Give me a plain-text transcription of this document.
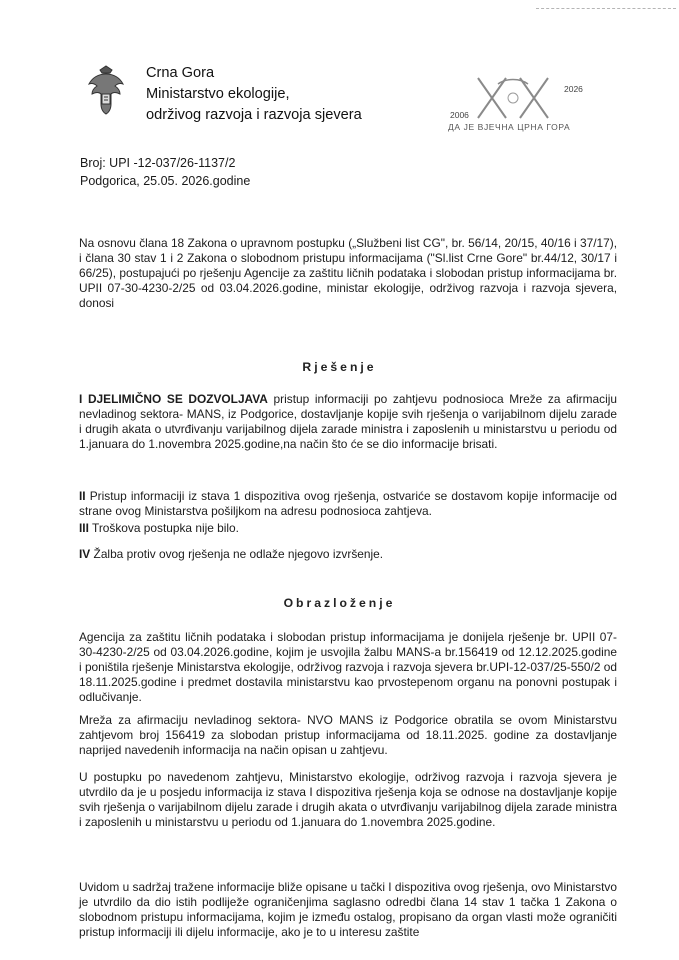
Crna Gora
Ministarstvo ekologije,
održivog razvoja i razvoja sjevera	2006
2026
ДА ЈЕ ВЈЕЧНА ЦРНА ГОРА
Broj: UPI -12-037/26-1137/2
Podgorica, 25.05. 2026.godine
Na osnovu člana 18 Zakona o upravnom postupku („Službeni list CG", br. 56/14, 20/15, 40/16 i 37/17), i člana 30 stav 1 i 2 Zakona o slobodnom pristupu informacijama ("Sl.list Crne Gore" br.44/12, 30/17 i 66/25), postupajući po rješenju Agencije za zaštitu ličnih podataka i slobodan pristup informacijama br. UPII 07-30-4230-2/25 od 03.04.2026.godine, ministar ekologije, održivog razvoja i razvoja sjevera, donosi
Rješenje
I DJELIMIČNO SE DOZVOLJAVA pristup informaciji po zahtjevu podnosioca Mreže za afirmaciju nevladinog sektora- MANS, iz Podgorice, dostavljanje kopije svih rješenja o varijabilnom dijelu zarade i drugih akata o utvrđivanju varijabilnog dijela zarade ministra i zaposlenih u ministarstvu u periodu od 1.januara do 1.novembra 2025.godine,na način što će se dio informacije brisati.
II Pristup informaciji iz stava 1 dispozitiva ovog rješenja, ostvariće se dostavom kopije informacije od strane ovog Ministarstva pošiljkom na adresu podnosioca zahtjeva.
III Troškova postupka nije bilo.
IV Žalba protiv ovog rješenja ne odlaže njegovo izvršenje.
Obrazloženje
Agencija za zaštitu ličnih podataka i slobodan pristup informacijama je donijela rješenje br. UPII 07-30-4230-2/25 od 03.04.2026.godine, kojim je usvojila žalbu MANS-a br.156419 od 12.12.2025.godine i poništila rješenje Ministarstva ekologije, održivog razvoja i razvoja sjevera br.UPI-12-037/25-550/2 od 18.11.2025.godine i predmet dostavila ministarstvu kao prvostepenom organu na ponovni postupak i odlučivanje.
Mreža za afirmaciju nevladinog sektora- NVO MANS iz Podgorice obratila se ovom Ministarstvu zahtjevom broj 156419 za slobodan pristup informacijama od 18.11.2025. godine za dostavljanje naprijed navedenih informacija na način opisan u zahtjevu.
U postupku po navedenom zahtjevu, Ministarstvo ekologije, održivog razvoja i razvoja sjevera je utvrdilo da je u posjedu informacija iz stava I dispozitiva rješenja koja se odnose na dostavljanje kopije svih rješenja o varijabilnom dijelu zarade i drugih akata o utvrđivanju varijabilnog dijela zarade ministra i zaposlenih u ministarstvu u periodu od 1.januara do 1.novembra 2025.godine.
Uvidom u sadržaj tražene informacije bliže opisane u tački I dispozitiva ovog rješenja, ovo Ministarstvo je utvrdilo da dio istih podliježe ograničenjima saglasno odredbi člana 14 stav 1 tačka 1 Zakona o slobodnom pristupu informacijama, kojim je između ostalog, propisano da organ vlasti može ograničiti pristup informaciji ili dijelu informacije, ako je to u interesu zaštite
